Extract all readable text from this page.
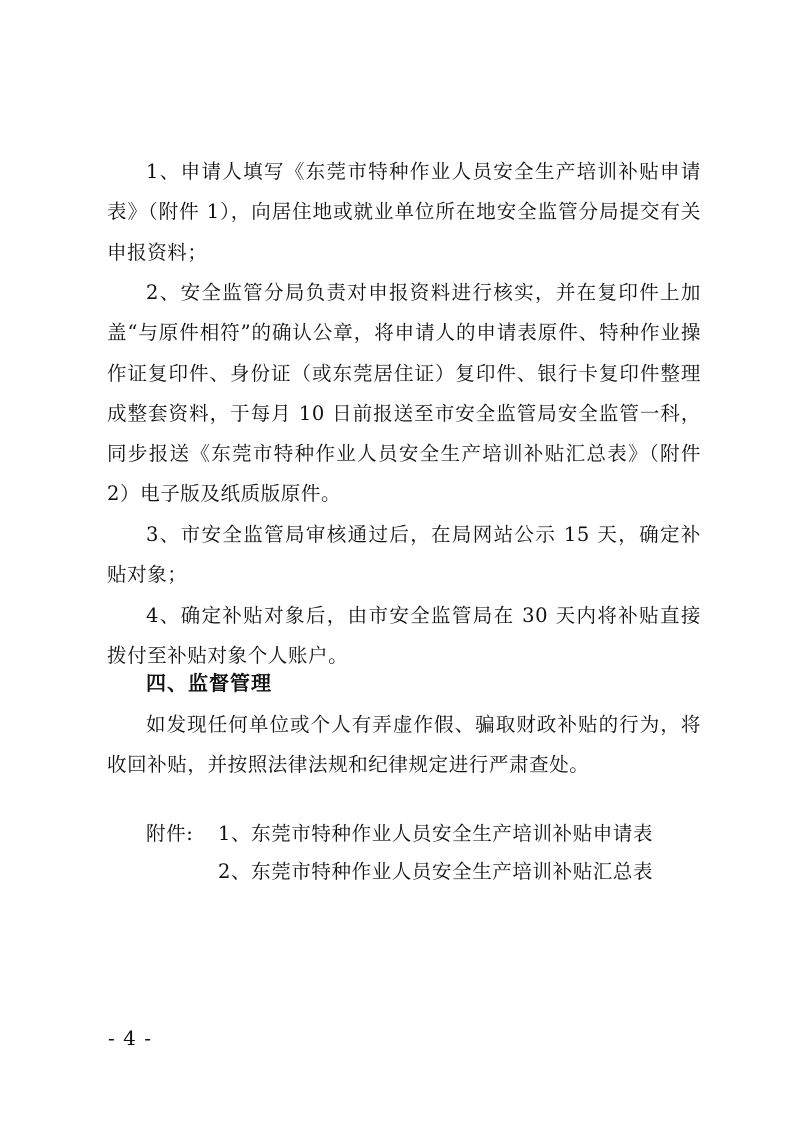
1、申请人填写《东莞市特种作业人员安全生产培训补贴申请表》（附件 1），向居住地或就业单位所在地安全监管分局提交有关申报资料；

2、安全监管分局负责对申报资料进行核实，并在复印件上加盖“与原件相符”的确认公章，将申请人的申请表原件、特种作业操作证复印件、身份证（或东莞居住证）复印件、银行卡复印件整理成整套资料，于每月 10 日前报送至市安全监管局安全监管一科，同步报送《东莞市特种作业人员安全生产培训补贴汇总表》（附件 2）电子版及纸质版原件。

3、市安全监管局审核通过后，在局网站公示 15 天，确定补贴对象；

4、确定补贴对象后，由市安全监管局在 30 天内将补贴直接拨付至补贴对象个人账户。

四、监督管理

如发现任何单位或个人有弄虚作假、骗取财政补贴的行为，将收回补贴，并按照法律法规和纪律规定进行严肃查处。

附件: 1、东莞市特种作业人员安全生产培训补贴申请表
2、东莞市特种作业人员安全生产培训补贴汇总表

- 4 -
